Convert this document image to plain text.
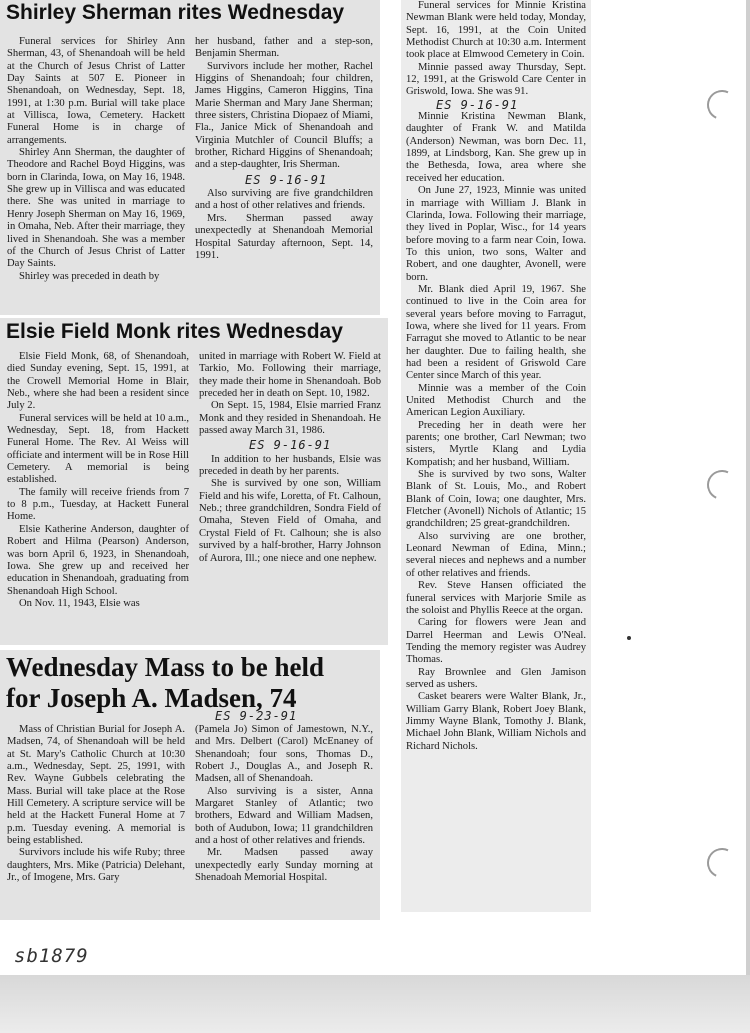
Shirley Sherman rites Wednesday

Funeral services for Shirley Ann Sherman, 43, of Shenandoah will be held at the Church of Jesus Christ of Latter Day Saints at 507 E. Pioneer in Shenandoah, on Wednesday, Sept. 18, 1991, at 1:30 p.m. Burial will take place at Villisca, Iowa, Cemetery. Hackett Funeral Home is in charge of arrangements.

Shirley Ann Sherman, the daughter of Theodore and Rachel Boyd Higgins, was born in Clarinda, Iowa, on May 16, 1948. She grew up in Villisca and was educated there. She was united in marriage to Henry Joseph Sherman on May 16, 1969, in Omaha, Neb. After their marriage, they lived in Shenandoah. She was a member of the Church of Jesus Christ of Latter Day Saints.

Shirley was preceded in death by

her husband, father and a step-son, Benjamin Sherman.

Survivors include her mother, Rachel Higgins of Shenandoah; four children, James Higgins, Cameron Higgins, Tina Marie Sherman and Mary Jane Sherman; three sisters, Christina Diopaez of Miami, Fla., Janice Mick of Shenandoah and Virginia Mutchler of Council Bluffs; a brother, Richard Higgins of Shenandoah; and a step-daughter, Iris Sherman.

ES 9-16-91

Also surviving are five grandchildren and a host of other relatives and friends.

Mrs. Sherman passed away unexpectedly at Shenandoah Memorial Hospital Saturday afternoon, Sept. 14, 1991.

Elsie Field Monk rites Wednesday

Elsie Field Monk, 68, of Shenandoah, died Sunday evening, Sept. 15, 1991, at the Crowell Memorial Home in Blair, Neb., where she had been a resident since July 2.

Funeral services will be held at 10 a.m., Wednesday, Sept. 18, from Hackett Funeral Home. The Rev. Al Weiss will officiate and interment will be in Rose Hill Cemetery. A memorial is being established.

The family will receive friends from 7 to 8 p.m., Tuesday, at Hackett Funeral Home.

Elsie Katherine Anderson, daughter of Robert and Hilma (Pearson) Anderson, was born April 6, 1923, in Shenandoah, Iowa. She grew up and received her education in Shenandoah, graduating from Shenandoah High School.

On Nov. 11, 1943, Elsie was

united in marriage with Robert W. Field at Tarkio, Mo. Following their marriage, they made their home in Shenandoah. Bob preceded her in death on Sept. 10, 1982.

On Sept. 15, 1984, Elsie married Franz Monk and they resided in Shenandoah. He passed away March 31, 1986.

ES 9-16-91

In addition to her husbands, Elsie was preceded in death by her parents.

She is survived by one son, William Field and his wife, Loretta, of Ft. Calhoun, Neb.; three grandchildren, Sondra Field of Omaha, Steven Field of Omaha, and Crystal Field of Ft. Calhoun; she is also survived by a half-brother, Harry Johnson of Aurora, Ill.; one niece and one nephew.

Wednesday Mass to be held
for Joseph A. Madsen, 74
ES 9-23-91

Mass of Christian Burial for Joseph A. Madsen, 74, of Shenandoah will be held at St. Mary's Catholic Church at 10:30 a.m., Wednesday, Sept. 25, 1991, with Rev. Wayne Gubbels celebrating the Mass. Burial will take place at the Rose Hill Cemetery. A scripture service will be held at the Hackett Funeral Home at 7 p.m. Tuesday evening. A memorial is being established.

Survivors include his wife Ruby; three daughters, Mrs. Mike (Patricia) Delehant, Jr., of Imogene, Mrs. Gary

(Pamela Jo) Simon of Jamestown, N.Y., and Mrs. Delbert (Carol) McEnaney of Shenandoah; four sons, Thomas D., Robert J., Douglas A., and Joseph R. Madsen, all of Shenandoah.

Also surviving is a sister, Anna Margaret Stanley of Atlantic; two brothers, Edward and William Madsen, both of Audubon, Iowa; 11 grandchildren and a host of other relatives and friends.

Mr. Madsen passed away unexpectedly early Sunday morning at Shenadoah Memorial Hospital.

Funeral services for Minnie Kristina Newman Blank were held today, Monday, Sept. 16, 1991, at the Coin United Methodist Church at 10:30 a.m. Interment took place at Elmwood Cemetery in Coin.

Minnie passed away Thursday, Sept. 12, 1991, at the Griswold Care Center in Griswold, Iowa. She was 91.

ES 9-16-91

Minnie Kristina Newman Blank, daughter of Frank W. and Matilda (Anderson) Newman, was born Dec. 11, 1899, at Lindsborg, Kan. She grew up in the Bethesda, Iowa, area where she received her education.

On June 27, 1923, Minnie was united in marriage with William J. Blank in Clarinda, Iowa. Following their marriage, they lived in Poplar, Wisc., for 14 years before moving to a farm near Coin, Iowa. To this union, two sons, Walter and Robert, and one daughter, Avonell, were born.

Mr. Blank died April 19, 1967. She continued to live in the Coin area for several years before moving to Farragut, Iowa, where she lived for 11 years. From Farragut she moved to Atlantic to be near her daughter. Due to failing health, she had been a resident of Griswold Care Center since March of this year.

Minnie was a member of the Coin United Methodist Church and the American Legion Auxiliary.

Preceding her in death were her parents; one brother, Carl Newman; two sisters, Myrtle Klang and Lydia Kompatish; and her husband, William.

She is survived by two sons, Walter Blank of St. Louis, Mo., and Robert Blank of Coin, Iowa; one daughter, Mrs. Fletcher (Avonell) Nichols of Atlantic; 15 grandchildren; 25 great-grandchildren.

Also surviving are one brother, Leonard Newman of Edina, Minn.; several nieces and nephews and a number of other relatives and friends.

Rev. Steve Hansen officiated the funeral services with Marjorie Smile as the soloist and Phyllis Reece at the organ.

Caring for flowers were Jean and Darrel Heerman and Lewis O'Neal. Tending the memory register was Audrey Thomas.

Ray Brownlee and Glen Jamison served as ushers.

Casket bearers were Walter Blank, Jr., William Garry Blank, Robert Joey Blank, Jimmy Wayne Blank, Tomothy J. Blank, Michael John Blank, William Nichols and Richard Nichols.

sb1879
